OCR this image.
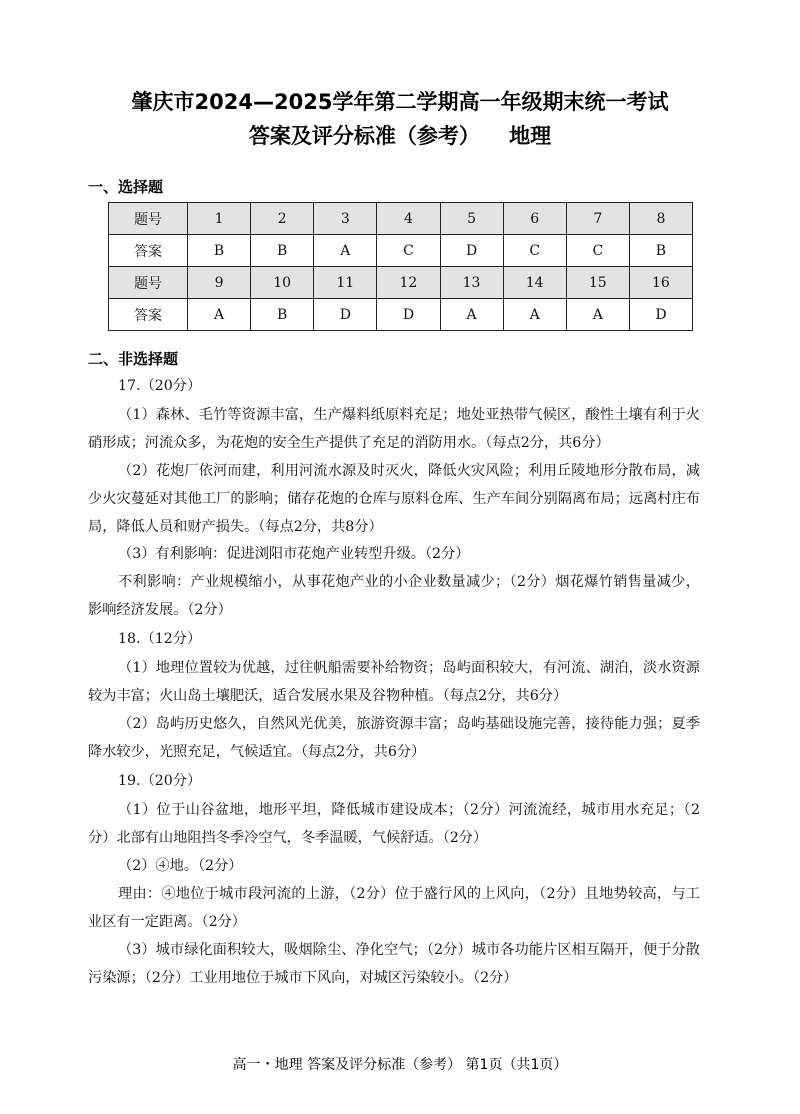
肇庆市2024—2025学年第二学期高一年级期末统一考试
答案及评分标准（参考）    地理
一、选择题
题号	1	2	3	4	5	6	7	8
答案	B	B	A	C	D	C	C	B
题号	9	10	11	12	13	14	15	16
答案	A	B	D	D	A	A	A	D
二、非选择题
17.（20分）
（1）森林、毛竹等资源丰富，生产爆料纸原料充足；地处亚热带气候区，酸性土壤有利于火硝形成；河流众多，为花炮的安全生产提供了充足的消防用水。（每点2分，共6分）
（2）花炮厂依河而建，利用河流水源及时灭火，降低火灾风险；利用丘陵地形分散布局，减少火灾蔓延对其他工厂的影响；储存花炮的仓库与原料仓库、生产车间分别隔离布局；远离村庄布局，降低人员和财产损失。（每点2分，共8分）
（3）有利影响：促进浏阳市花炮产业转型升级。（2分）
不利影响：产业规模缩小，从事花炮产业的小企业数量减少；（2分）烟花爆竹销售量减少，影响经济发展。（2分）
18.（12分）
（1）地理位置较为优越，过往帆船需要补给物资；岛屿面积较大，有河流、湖泊，淡水资源较为丰富；火山岛土壤肥沃，适合发展水果及谷物种植。（每点2分，共6分）
（2）岛屿历史悠久，自然风光优美，旅游资源丰富；岛屿基础设施完善，接待能力强；夏季降水较少，光照充足，气候适宜。（每点2分，共6分）
19.（20分）
（1）位于山谷盆地，地形平坦，降低城市建设成本；（2分）河流流经，城市用水充足；（2分）北部有山地阻挡冬季冷空气，冬季温暖，气候舒适。（2分）
（2）④地。（2分）
理由：④地位于城市段河流的上游，（2分）位于盛行风的上风向，（2分）且地势较高，与工业区有一定距离。（2分）
（3）城市绿化面积较大，吸烟除尘、净化空气；（2分）城市各功能片区相互隔开，便于分散污染源；（2分）工业用地位于城市下风向，对城区污染较小。（2分）
高一・地理 答案及评分标准（参考） 第1页（共1页）
